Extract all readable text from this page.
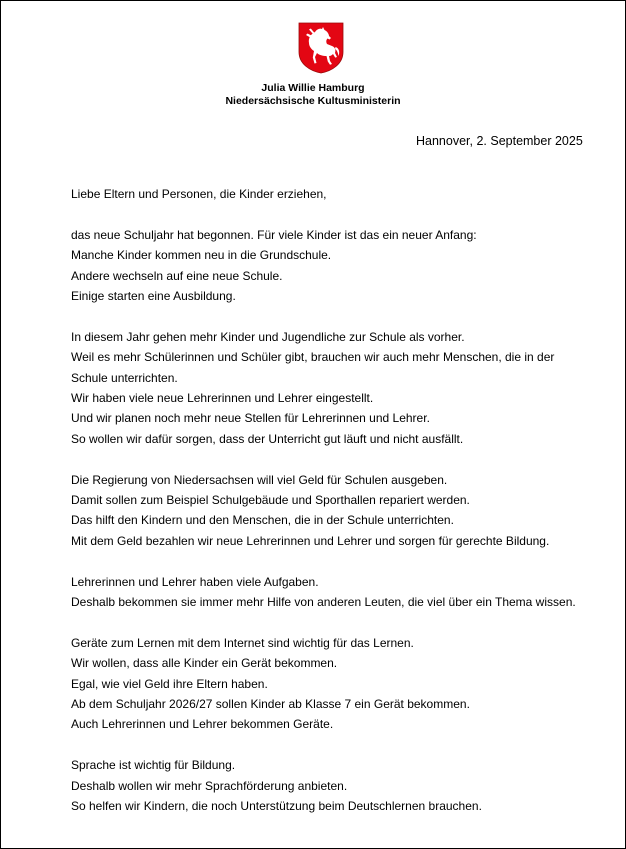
Julia Willie Hamburg
Niedersächsische Kultusministerin
Hannover, 2. September 2025
Liebe Eltern und Personen, die Kinder erziehen,
das neue Schuljahr hat begonnen. Für viele Kinder ist das ein neuer Anfang:
Manche Kinder kommen neu in die Grundschule.
Andere wechseln auf eine neue Schule.
Einige starten eine Ausbildung.
In diesem Jahr gehen mehr Kinder und Jugendliche zur Schule als vorher.
Weil es mehr Schülerinnen und Schüler gibt, brauchen wir auch mehr Menschen, die in der
Schule unterrichten.
Wir haben viele neue Lehrerinnen und Lehrer eingestellt.
Und wir planen noch mehr neue Stellen für Lehrerinnen und Lehrer.
So wollen wir dafür sorgen, dass der Unterricht gut läuft und nicht ausfällt.
Die Regierung von Niedersachsen will viel Geld für Schulen ausgeben.
Damit sollen zum Beispiel Schulgebäude und Sporthallen repariert werden.
Das hilft den Kindern und den Menschen, die in der Schule unterrichten.
Mit dem Geld bezahlen wir neue Lehrerinnen und Lehrer und sorgen für gerechte Bildung.
Lehrerinnen und Lehrer haben viele Aufgaben.
Deshalb bekommen sie immer mehr Hilfe von anderen Leuten, die viel über ein Thema wissen.
Geräte zum Lernen mit dem Internet sind wichtig für das Lernen.
Wir wollen, dass alle Kinder ein Gerät bekommen.
Egal, wie viel Geld ihre Eltern haben.
Ab dem Schuljahr 2026/27 sollen Kinder ab Klasse 7 ein Gerät bekommen.
Auch Lehrerinnen und Lehrer bekommen Geräte.
Sprache ist wichtig für Bildung.
Deshalb wollen wir mehr Sprachförderung anbieten.
So helfen wir Kindern, die noch Unterstützung beim Deutschlernen brauchen.
